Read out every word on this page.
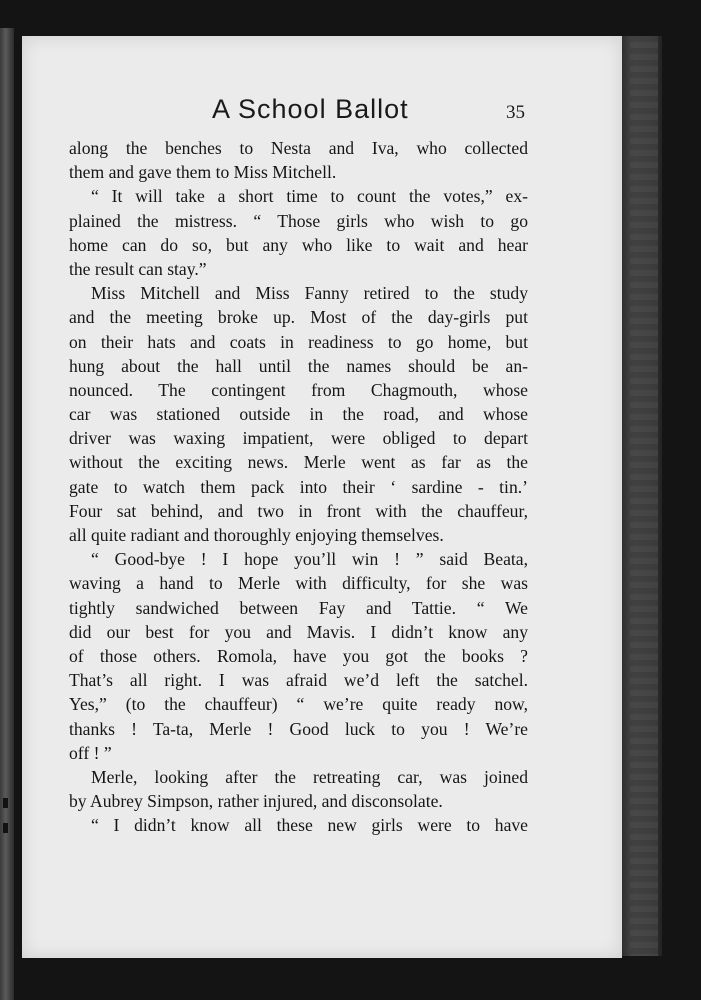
A School Ballot	35
along the benches to Nesta and Iva, who collected
them and gave them to Miss Mitchell.
“ It will take a short time to count the votes,” ex-
plained the mistress. “ Those girls who wish to go
home can do so, but any who like to wait and hear
the result can stay.”
Miss Mitchell and Miss Fanny retired to the study
and the meeting broke up. Most of the day-girls put
on their hats and coats in readiness to go home, but
hung about the hall until the names should be an-
nounced. The contingent from Chagmouth, whose
car was stationed outside in the road, and whose
driver was waxing impatient, were obliged to depart
without the exciting news. Merle went as far as the
gate to watch them pack into their ‘ sardine - tin.’
Four sat behind, and two in front with the chauffeur,
all quite radiant and thoroughly enjoying themselves.
“ Good-bye ! I hope you’ll win ! ” said Beata,
waving a hand to Merle with difficulty, for she was
tightly sandwiched between Fay and Tattie. “ We
did our best for you and Mavis. I didn’t know any
of those others. Romola, have you got the books ?
That’s all right. I was afraid we’d left the satchel.
Yes,” (to the chauffeur) “ we’re quite ready now,
thanks ! Ta-ta, Merle ! Good luck to you ! We’re
off ! ”
Merle, looking after the retreating car, was joined
by Aubrey Simpson, rather injured, and disconsolate.
“ I didn’t know all these new girls were to have
